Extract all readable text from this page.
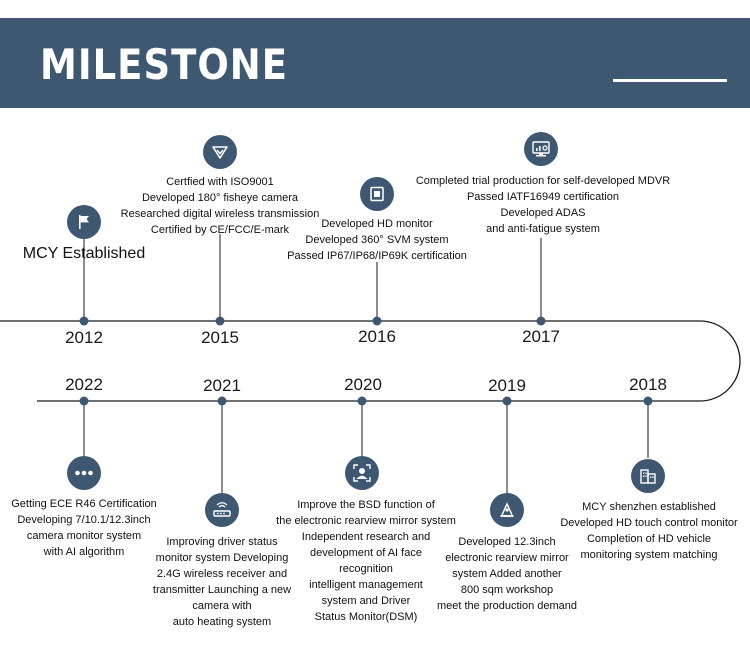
MILESTONE
2012	2015	2016	2017
2022	2021	2020	2019	2018
MCY Established
Certfied with ISO9001
Developed 180° fisheye camera
Researched digital wireless transmission
Certified by CE/FCC/E-mark	Developed HD monitor
Developed 360° SVM system
Passed IP67/IP68/IP69K certification
Completed trial production for self-developed MDVR
Passed IATF16949 certification
Developed ADAS
and anti-fatigue system
Getting ECE R46 Certification
Developing 7/10.1/12.3inch
camera monitor system
with AI algorithm
Improving driver status
monitor system Developing
2.4G wireless receiver and
transmitter Launching a new
camera with
auto heating system
Improve the BSD function of
the electronic rearview mirror system
Independent research and
development of AI face
recognition
intelligent management
system and Driver
Status Monitor(DSM)
Developed 12.3inch
electronic rearview mirror
system Added another
800 sqm workshop
meet the production demand
MCY shenzhen established
Developed HD touch control monitor
Completion of HD vehicle
monitoring system matching
